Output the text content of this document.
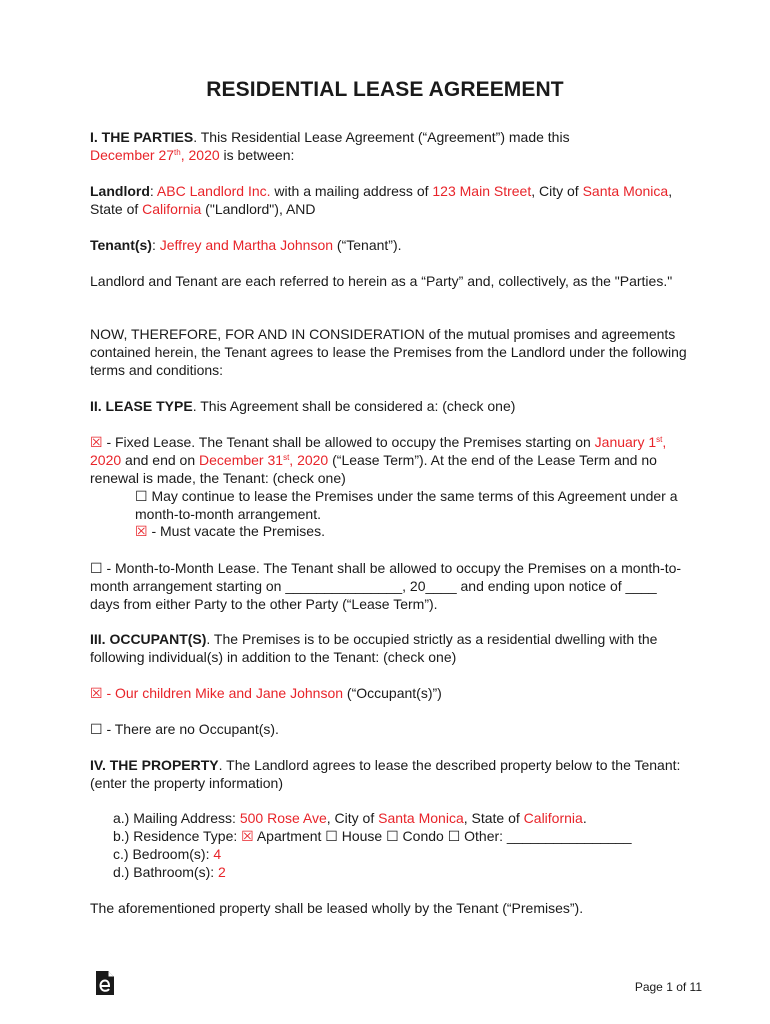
RESIDENTIAL LEASE AGREEMENT

I. THE PARTIES. This Residential Lease Agreement (“Agreement”) made this
December 27th, 2020 is between:

Landlord: ABC Landlord Inc. with a mailing address of 123 Main Street, City of Santa Monica, State of California ("Landlord"), AND

Tenant(s): Jeffrey and Martha Johnson (“Tenant”).

Landlord and Tenant are each referred to herein as a “Party” and, collectively, as the "Parties."

NOW, THEREFORE, FOR AND IN CONSIDERATION of the mutual promises and agreements contained herein, the Tenant agrees to lease the Premises from the Landlord under the following terms and conditions:

II. LEASE TYPE. This Agreement shall be considered a: (check one)

☒ - Fixed Lease. The Tenant shall be allowed to occupy the Premises starting on January 1st, 2020 and end on December 31st, 2020 (“Lease Term”). At the end of the Lease Term and no renewal is made, the Tenant: (check one)

☐ May continue to lease the Premises under the same terms of this Agreement under a month-to-month arrangement.

☒ - Must vacate the Premises.

☐ - Month-to-Month Lease. The Tenant shall be allowed to occupy the Premises on a month-to-month arrangement starting on _______________, 20____ and ending upon notice of ____ days from either Party to the other Party (“Lease Term”).

III. OCCUPANT(S). The Premises is to be occupied strictly as a residential dwelling with the following individual(s) in addition to the Tenant: (check one)

☒ - Our children Mike and Jane Johnson (“Occupant(s)”)

☐ - There are no Occupant(s).

IV. THE PROPERTY. The Landlord agrees to lease the described property below to the Tenant: (enter the property information)

a.) Mailing Address: 500 Rose Ave, City of Santa Monica, State of California.
b.) Residence Type: ☒ Apartment ☐ House ☐ Condo ☐ Other: ________________
c.) Bedroom(s): 4
d.) Bathroom(s): 2

The aforementioned property shall be leased wholly by the Tenant (“Premises”).

Page 1 of 11
